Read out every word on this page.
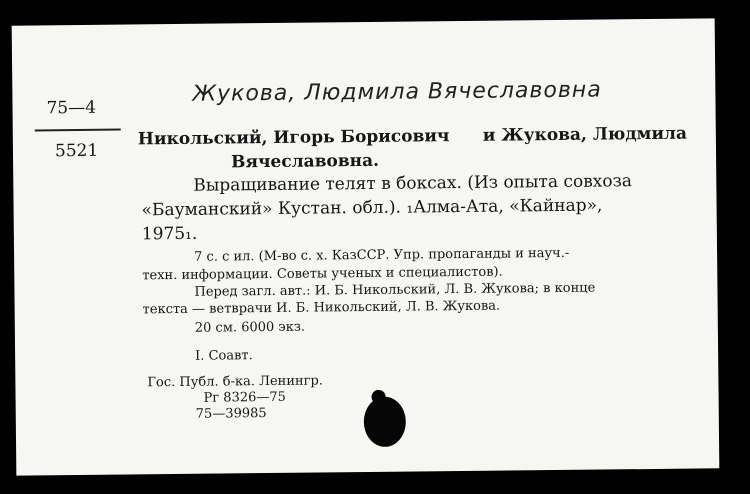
75—4
5521
Жукова, Людмила Вячеславовна
Никольский, Игорь Борисович и Жукова, Людмила
Вячеславовна.
Выращивание телят в боксах. (Из опыта совхоза
«Бауманский» Кустан. обл.). ₁Алма-Ата, «Кайнар»,
1975₁.
7 с. с ил. (М-во с. х. КазССР. Упр. пропаганды и науч.-
техн. информации. Советы ученых и специалистов).
Перед загл. авт.: И. Б. Никольский, Л. В. Жукова; в конце
текста — ветврачи И. Б. Никольский, Л. В. Жукова.
20 см. 6000 экз.
I. Соавт.
Гос. Публ. б-ка. Ленингр.
Рг 8326—75
75—39985
